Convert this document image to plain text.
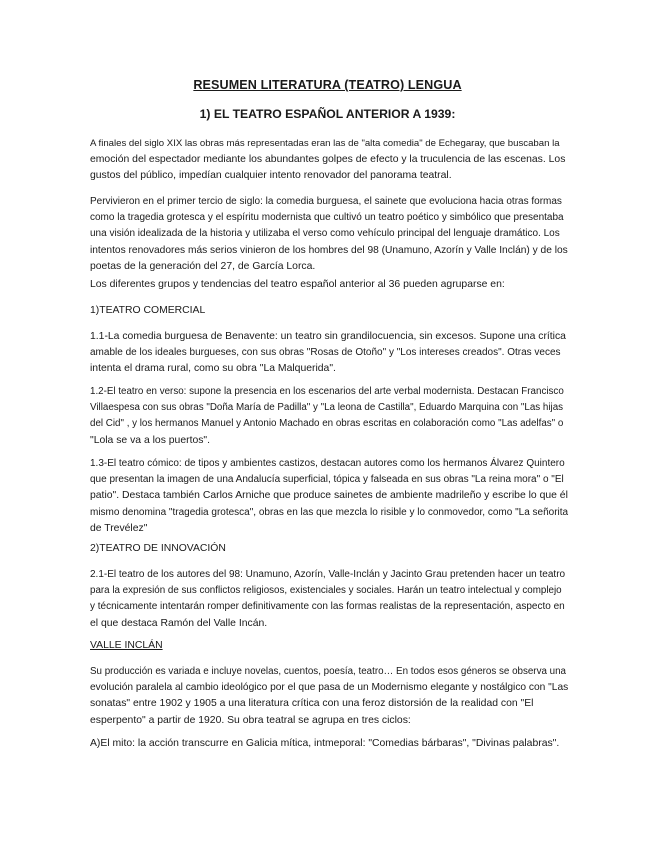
RESUMEN LITERATURA (TEATRO) LENGUA
1) EL TEATRO ESPAÑOL ANTERIOR A 1939:
A finales del siglo XIX las obras más representadas eran las de "alta comedia" de Echegaray, que buscaban la
emoción del espectador mediante los abundantes golpes de efecto y la truculencia de las escenas. Los
gustos del público, impedían cualquier intento renovador del panorama teatral.
Pervivieron en el primer tercio de siglo: la comedia burguesa, el sainete que evoluciona hacia otras formas
como la tragedia grotesca y el espíritu modernista que cultivó un teatro poético y simbólico que presentaba
una visión idealizada de la historia y utilizaba el verso como vehículo principal del lenguaje dramático. Los
intentos renovadores más serios vinieron de los hombres del 98 (Unamuno, Azorín y Valle Inclán) y de los
poetas de la generación del 27, de García Lorca.
Los diferentes grupos y tendencias del teatro español anterior al 36 pueden agruparse en:
1)TEATRO COMERCIAL
1.1-La comedia burguesa de Benavente: un teatro sin grandilocuencia, sin excesos. Supone una crítica
amable de los ideales burgueses, con sus obras "Rosas de Otoño" y "Los intereses creados". Otras veces
intenta el drama rural, como su obra "La Malquerida".
1.2-El teatro en verso: supone la presencia en los escenarios del arte verbal modernista. Destacan Francisco
Villaespesa con sus obras "Doña María de Padilla" y "La leona de Castilla", Eduardo Marquina con "Las hijas
del Cid" , y los hermanos Manuel y Antonio Machado en obras escritas en colaboración como "Las adelfas" o
"Lola se va a los puertos".
1.3-El teatro cómico: de tipos y ambientes castizos, destacan autores como los hermanos Álvarez Quintero
que presentan la imagen de una Andalucía superficial, tópica y falseada en sus obras "La reina mora" o "El
patio". Destaca también Carlos Arniche que produce sainetes de ambiente madrileño y escribe lo que él
mismo denomina "tragedia grotesca", obras en las que mezcla lo risible y lo conmovedor, como "La señorita
de Trevélez"
2)TEATRO DE INNOVACIÓN
2.1-El teatro de los autores del 98: Unamuno, Azorín, Valle-Inclán y Jacinto Grau pretenden hacer un teatro
para la expresión de sus conflictos religiosos, existenciales y sociales. Harán un teatro intelectual y complejo
y técnicamente intentarán romper definitivamente con las formas realistas de la representación, aspecto en
el que destaca Ramón del Valle Incán.
VALLE INCLÁN
Su producción es variada e incluye novelas, cuentos, poesía, teatro… En todos esos géneros se observa una
evolución paralela al cambio ideológico por el que pasa de un Modernismo elegante y nostálgico con "Las
sonatas" entre 1902 y 1905 a una literatura crítica con una feroz distorsión de la realidad con "El
esperpento" a partir de 1920. Su obra teatral se agrupa en tres ciclos:
A)El mito: la acción transcurre en Galicia mítica, intmeporal: "Comedias bárbaras", "Divinas palabras".
